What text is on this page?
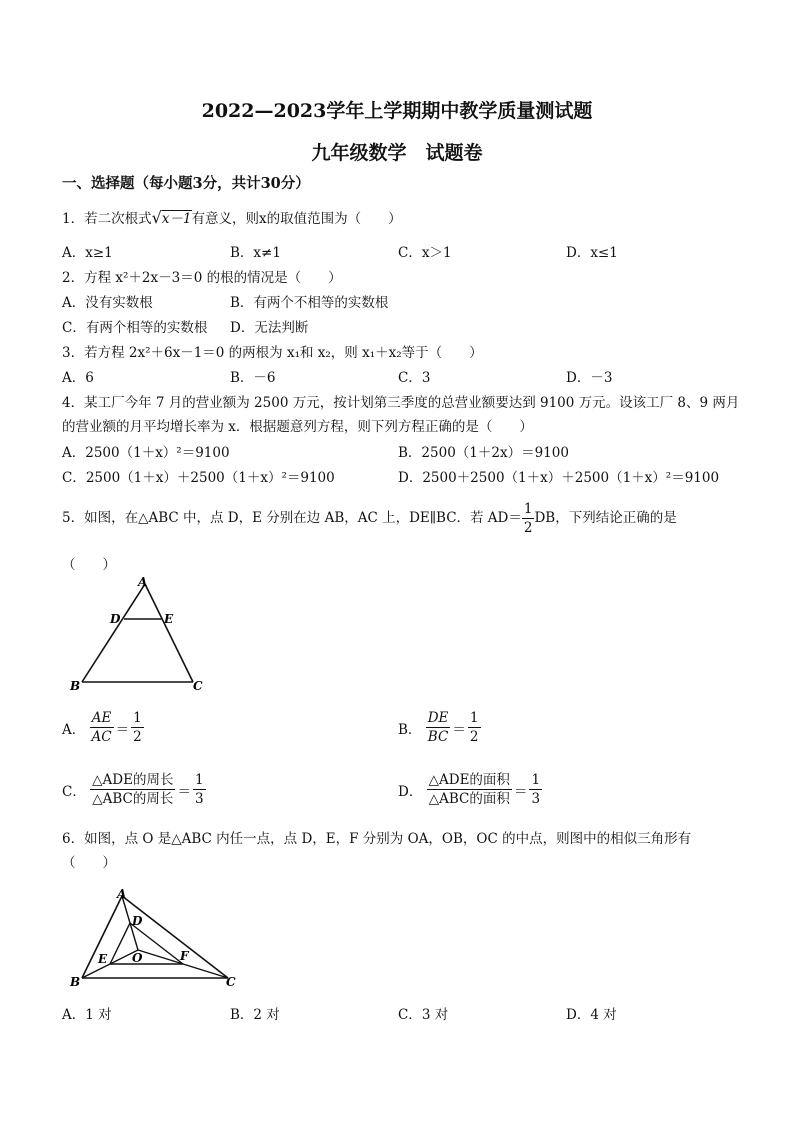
2022—2023学年上学期期中教学质量测试题
九年级数学　试题卷
一、选择题（每小题3分，共计30分）
1．若二次根式√x－1有意义，则x的取值范围为（　　）
A．x≥1	B．x≠1	C．x＞1	D．x≤1
2．方程 x²＋2x－3＝0 的根的情况是（　　）
A．没有实数根	B．有两个不相等的实数根
C．有两个相等的实数根 D．无法判断
3．若方程 2x²＋6x－1＝0 的两根为 x₁和 x₂，则 x₁＋x₂等于（　　）
A．6	B．－6	C．3	D．－3
4．某工厂今年 7 月的营业额为 2500 万元，按计划第三季度的总营业额要达到 9100 万元。设该工厂 8、9 两月
的营业额的月平均增长率为 x．根据题意列方程，则下列方程正确的是（　　）
A．2500（1＋x）²＝9100	B．2500（1＋2x）＝9100
C．2500（1＋x）＋2500（1＋x）²＝9100	D．2500＋2500（1＋x）＋2500（1＋x）²＝9100
5．如图，在△ABC 中，点 D，E 分别在边 AB，AC 上，DE∥BC．若 $AD= \frac{1}{2}$ DB，下列结论正确的是
（　　）
A
D	E
B	C
A． $\frac{AE}{AC} = \frac{1}{2}$	B． $\frac{DE}{BC} = \frac{1}{2}$
C． $\frac{\text{△ADE的周长}}{\text{△ABC的周长}} = \frac{1}{3}$	D． $\frac{\text{△ADE的面积}}{\text{△ABC的面积}} = \frac{1}{3}$
6．如图，点 O 是△ABC 内任一点，点 D，E，F 分别为 OA，OB，OC 的中点，则图中的相似三角形有
（　　）
A
D
E O	F
B	C
A．1 对	B．2 对	C．3 对	D．4 对
